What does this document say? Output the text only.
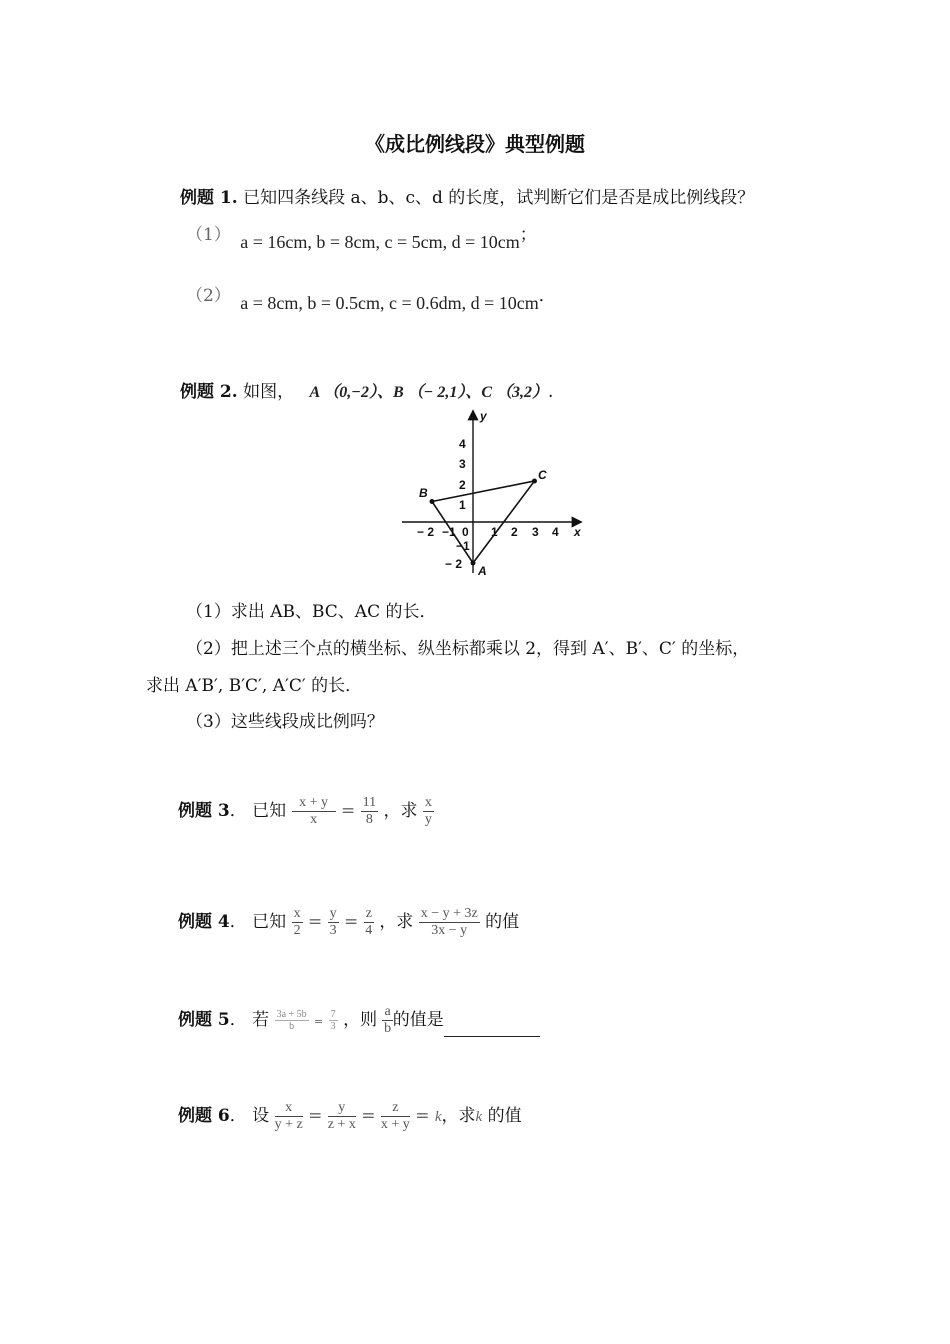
《成比例线段》典型例题
例题 1. 已知四条线段 a、b、c、d 的长度，试判断它们是否是成比例线段？
（1） a = 16cm, b = 8cm, c = 5cm, d = 10cm；
（2） a = 8cm, b = 0.5cm, c = 0.6dm, d = 10cm．
例题 2. 如图， A （0,−2）、B （− 2,1）、C （3,2）.
x
y
− 2 −1 0 1 2 3 4
4
3
2
1
−1
− 2 A
B
C
（1）求出 AB、BC、AC 的长．
（2）把上述三个点的横坐标、纵坐标都乘以 2，得到 A′、B′、C′ 的坐标，
求出 A′B′, B′C′, A′C′ 的长．
（3）这些线段成比例吗？
例题 3． 已知 $\frac{x + y}{x} = \frac{11}{8}$ ，求 $\frac{x}{y}$
例题 4． 已知 $\frac{x}{2} = \frac{y}{3} = \frac{z}{4}$ ，求 $\frac{x - y + 3z}{3x - y}$ 的值
例题 5． 若 $\frac{3a + 5b}{b} = \frac{7}{3}$ ，则 $\frac{a}{b}$ 的值是
例题 6． 设 $\frac{x}{y + z} = \frac{y}{z + x} = \frac{z}{x + y} = k$，求k 的值
